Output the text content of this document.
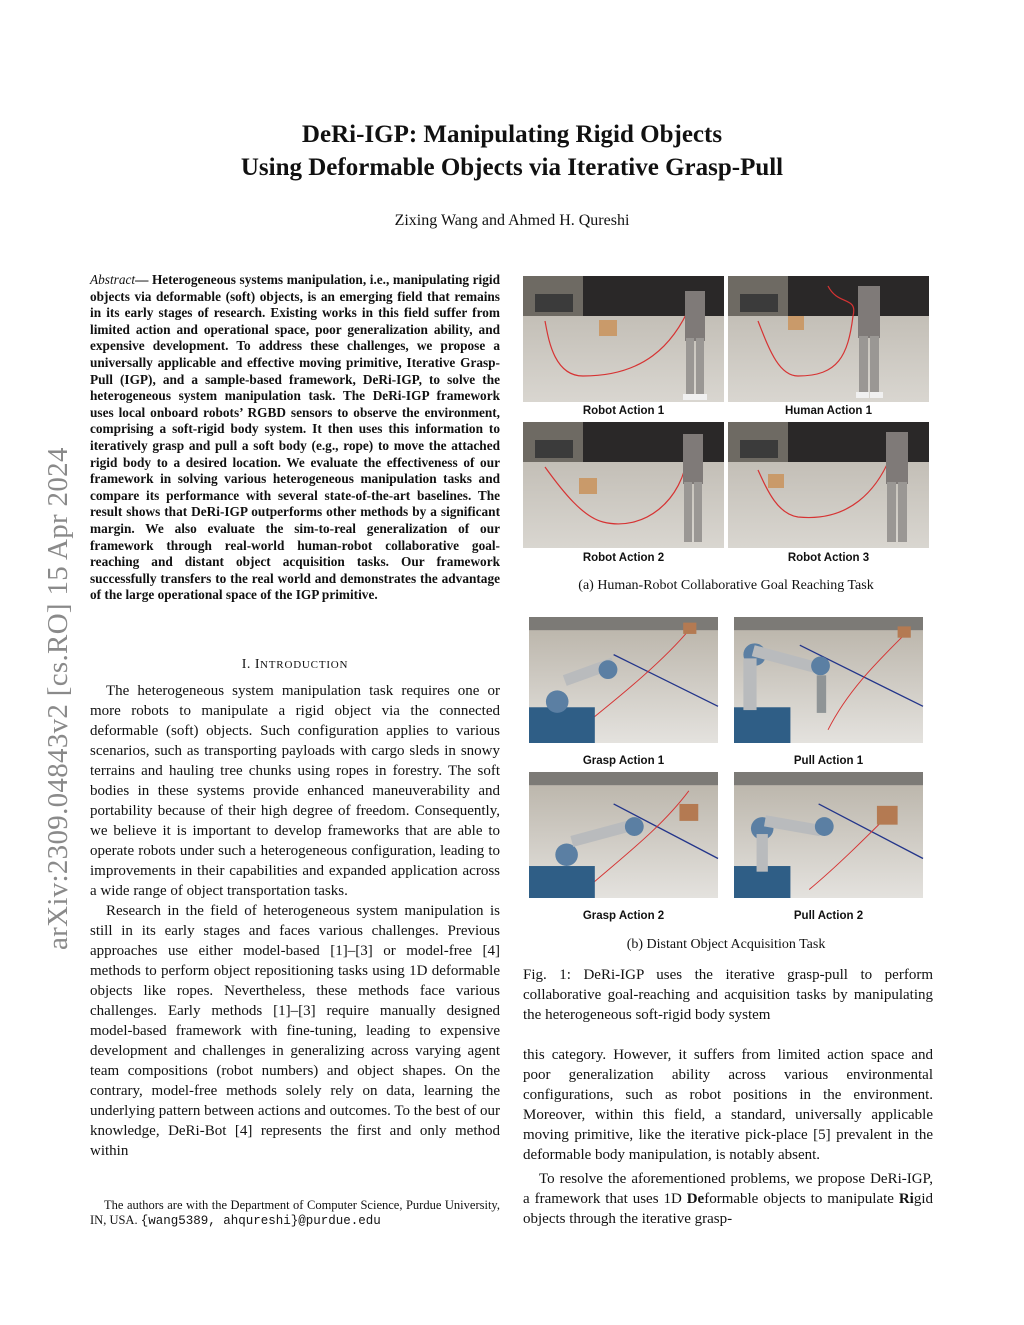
arXiv:2309.04843v2 [cs.RO] 15 Apr 2024
DeRi-IGP: Manipulating Rigid Objects
Using Deformable Objects via Iterative Grasp-Pull
Zixing Wang and Ahmed H. Qureshi
Abstract— Heterogeneous systems manipulation, i.e., manipulating rigid objects via deformable (soft) objects, is an emerging field that remains in its early stages of research. Existing works in this field suffer from limited action and operational space, poor generalization ability, and expensive development. To address these challenges, we propose a universally applicable and effective moving primitive, Iterative Grasp-Pull (IGP), and a sample-based framework, DeRi-IGP, to solve the heterogeneous system manipulation task. The DeRi-IGP framework uses local onboard robots’ RGBD sensors to observe the environment, comprising a soft-rigid body system. It then uses this information to iteratively grasp and pull a soft body (e.g., rope) to move the attached rigid body to a desired location. We evaluate the effectiveness of our framework in solving various heterogeneous manipulation tasks and compare its performance with several state-of-the-art baselines. The result shows that DeRi-IGP outperforms other methods by a significant margin. We also evaluate the sim-to-real generalization of our framework through real-world human-robot collaborative goal-reaching and distant object acquisition tasks. Our framework successfully transfers to the real world and demonstrates the advantage of the large operational space of the IGP primitive.
I. INTRODUCTION

The heterogeneous system manipulation task requires one or more robots to manipulate a rigid object via the connected deformable (soft) objects. Such configuration applies to various scenarios, such as transporting payloads with cargo sleds in snowy terrains and hauling tree chunks using ropes in forestry. The soft bodies in these systems provide enhanced maneuverability and portability because of their high degree of freedom. Consequently, we believe it is important to develop frameworks that are able to operate robots under such a heterogeneous configuration, leading to improvements in their capabilities and expanded application across a wide range of object transportation tasks.

Research in the field of heterogeneous system manipulation is still in its early stages and faces various challenges. Previous approaches use either model-based [1]–[3] or model-free [4] methods to perform object repositioning tasks using 1D deformable objects like ropes. Nevertheless, these methods face various challenges. Early methods [1]–[3] require manually designed model-based framework with fine-tuning, leading to expensive development and challenges in generalizing across varying agent team compositions (robot numbers) and object shapes. On the contrary, model-free methods solely rely on data, learning the underlying pattern between actions and outcomes. To the best of our knowledge, DeRi-Bot [4] represents the first and only method within

The authors are with the Department of Computer Science, Purdue University, IN, USA. {wang5389, ahqureshi}@purdue.edu

Robot Action 1	Human Action 1
Robot Action 2	Robot Action 3
(a) Human-Robot Collaborative Goal Reaching Task
Grasp Action 1	Pull Action 1
Grasp Action 2	Pull Action 2
(b) Distant Object Acquisition Task
Fig. 1: DeRi-IGP uses the iterative grasp-pull to perform collaborative goal-reaching and acquisition tasks by manipulating the heterogeneous soft-rigid body system

this category. However, it suffers from limited action space and poor generalization ability across various environmental configurations, such as robot positions in the environment. Moreover, within this field, a standard, universally applicable moving primitive, like the iterative pick-place [5] prevalent in the deformable body manipulation, is notably absent.

To resolve the aforementioned problems, we propose DeRi-IGP, a framework that uses 1D Deformable objects to manipulate Rigid objects through the iterative grasp-
